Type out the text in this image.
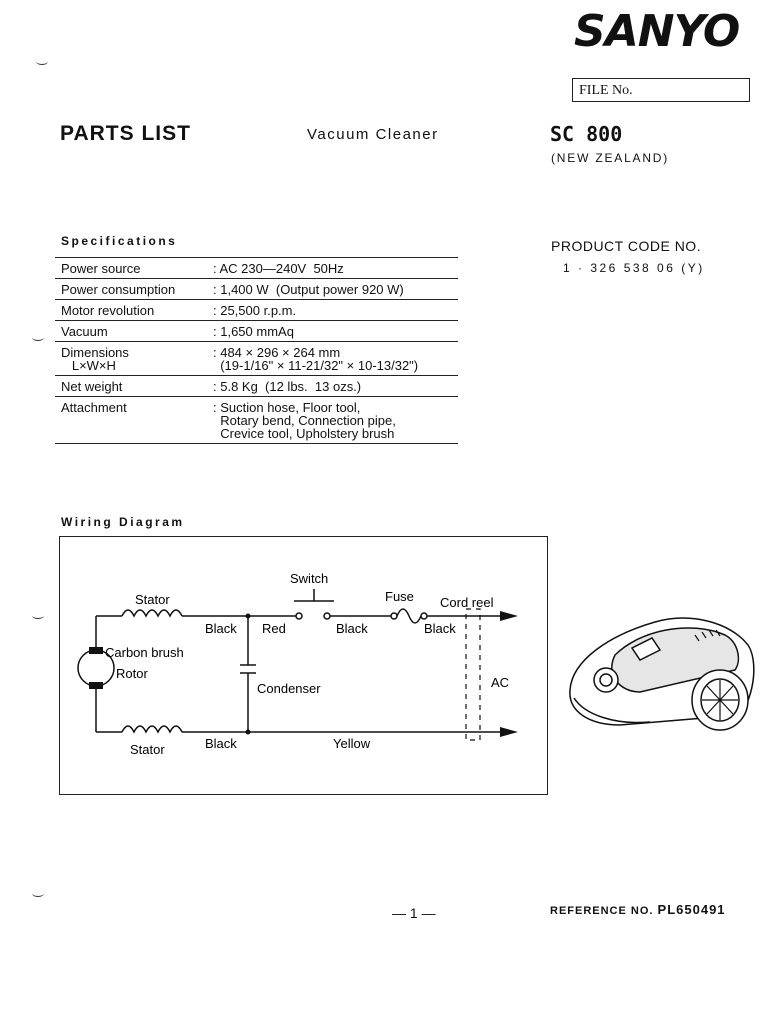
SANYO
FILE No.
PARTS LIST	Vacuum Cleaner	SC 800
(NEW ZEALAND)
Specifications	PRODUCT CODE NO.
1 · 326 538 06 (Y)
Power source	: AC 230—240V  50Hz
Power consumption	: 1,400 W  (Output power 920 W)
Motor revolution	: 25,500 r.p.m.
Vacuum	: 1,650 mmAq
Dimensions
L×W×H	: 484 × 296 × 264 mm
(19-1/16" × 11-21/32" × 10-13/32")
Net weight	: 5.8 Kg  (12 lbs.  13 ozs.)
Attachment	: Suction hose, Floor tool,
Rotary bend, Connection pipe,
Crevice tool, Upholstery brush
Wiring Diagram
Switch
Stator	Fuse Cord reel
Black Red	Black	Black
Carbon brush
Rotor
Condenser	AC
Stator	Black	Yellow
— 1 —	REFERENCE NO. PL650491
